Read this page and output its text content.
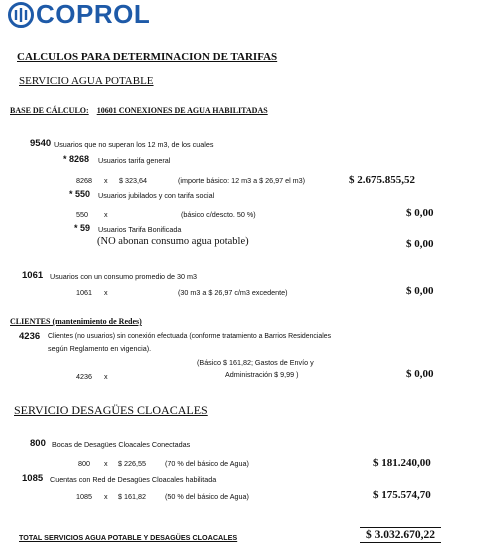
COPROL
CALCULOS PARA DETERMINACION DE TARIFAS
SERVICIO AGUA POTABLE
BASE DE CÁLCULO: 10601 CONEXIONES DE AGUA HABILITADAS
9540 Usuarios que no superan los 12 m3, de los cuales
* 8268 Usuarios tarifa general
8268 x $ 323,64	(importe básico: 12 m3 a $ 26,97 el m3)	$ 2.675.855,52
* 550 Usuarios jubilados y con tarifa social
550 x	(básico c/descto. 50 %)	$ 0,00
* 59 Usuarios Tarifa Bonificada
(NO abonan consumo agua potable)	$ 0,00
1061 Usuarios con un consumo promedio de 30 m3
1061 x	(30 m3 a $ 26,97 c/m3 excedente)	$ 0,00
CLIENTES (mantenimiento de Redes)
4236 Clientes (no usuarios) sin conexión efectuada (conforme tratamiento a Barrios Residenciales
según Reglamento en vigencia).
(Básico $ 161,82; Gastos de Envío y
4236 x	Administración $ 9,99 )	$ 0,00
SERVICIO DESAGÜES CLOACALES
800 Bocas de Desagües Cloacales Conectadas
800 x $ 226,55	(70 % del básico de Agua)	$ 181.240,00
1085 Cuentas con Red de Desagües Cloacales habilitada
1085 x $ 161,82	(50 % del básico de Agua)	$ 175.574,70
TOTAL SERVICIOS AGUA POTABLE Y DESAGÜES CLOACALES	$ 3.032.670,22
